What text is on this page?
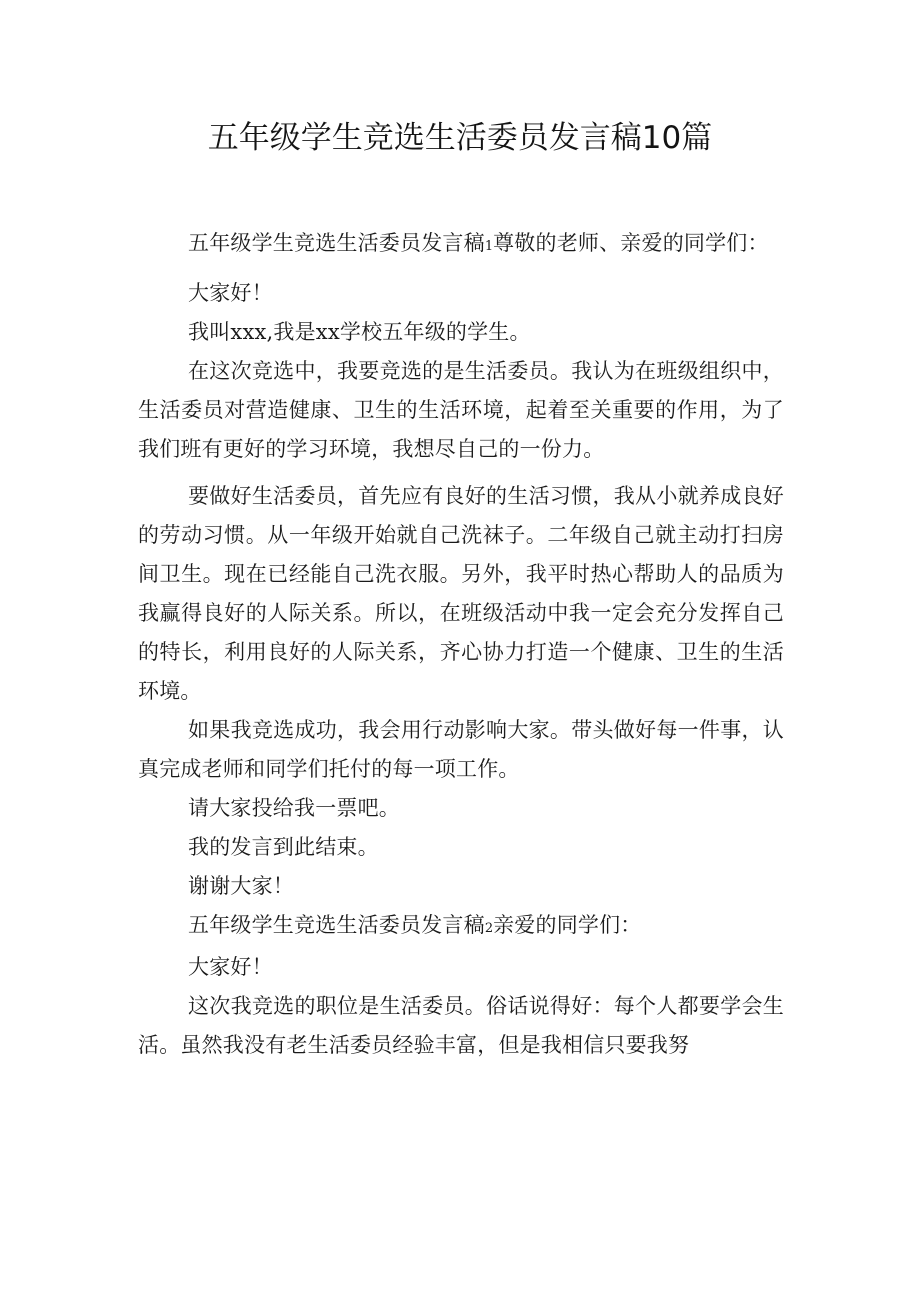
五年级学生竞选生活委员发言稿10篇

五年级学生竞选生活委员发言稿1尊敬的老师、亲爱的同学们：

大家好！

我叫xxx,我是xx学校五年级的学生。

在这次竞选中，我要竞选的是生活委员。我认为在班级组织中，生活委员对营造健康、卫生的生活环境，起着至关重要的作用，为了我们班有更好的学习环境，我想尽自己的一份力。

要做好生活委员，首先应有良好的生活习惯，我从小就养成良好的劳动习惯。从一年级开始就自己洗袜子。二年级自己就主动打扫房间卫生。现在已经能自己洗衣服。另外，我平时热心帮助人的品质为我赢得良好的人际关系。所以，在班级活动中我一定会充分发挥自己的特长，利用良好的人际关系，齐心协力打造一个健康、卫生的生活环境。

如果我竞选成功，我会用行动影响大家。带头做好每一件事，认真完成老师和同学们托付的每一项工作。

请大家投给我一票吧。

我的发言到此结束。

谢谢大家！

五年级学生竞选生活委员发言稿2亲爱的同学们：

大家好！

这次我竞选的职位是生活委员。俗话说得好：每个人都要学会生活。虽然我没有老生活委员经验丰富，但是我相信只要我努
